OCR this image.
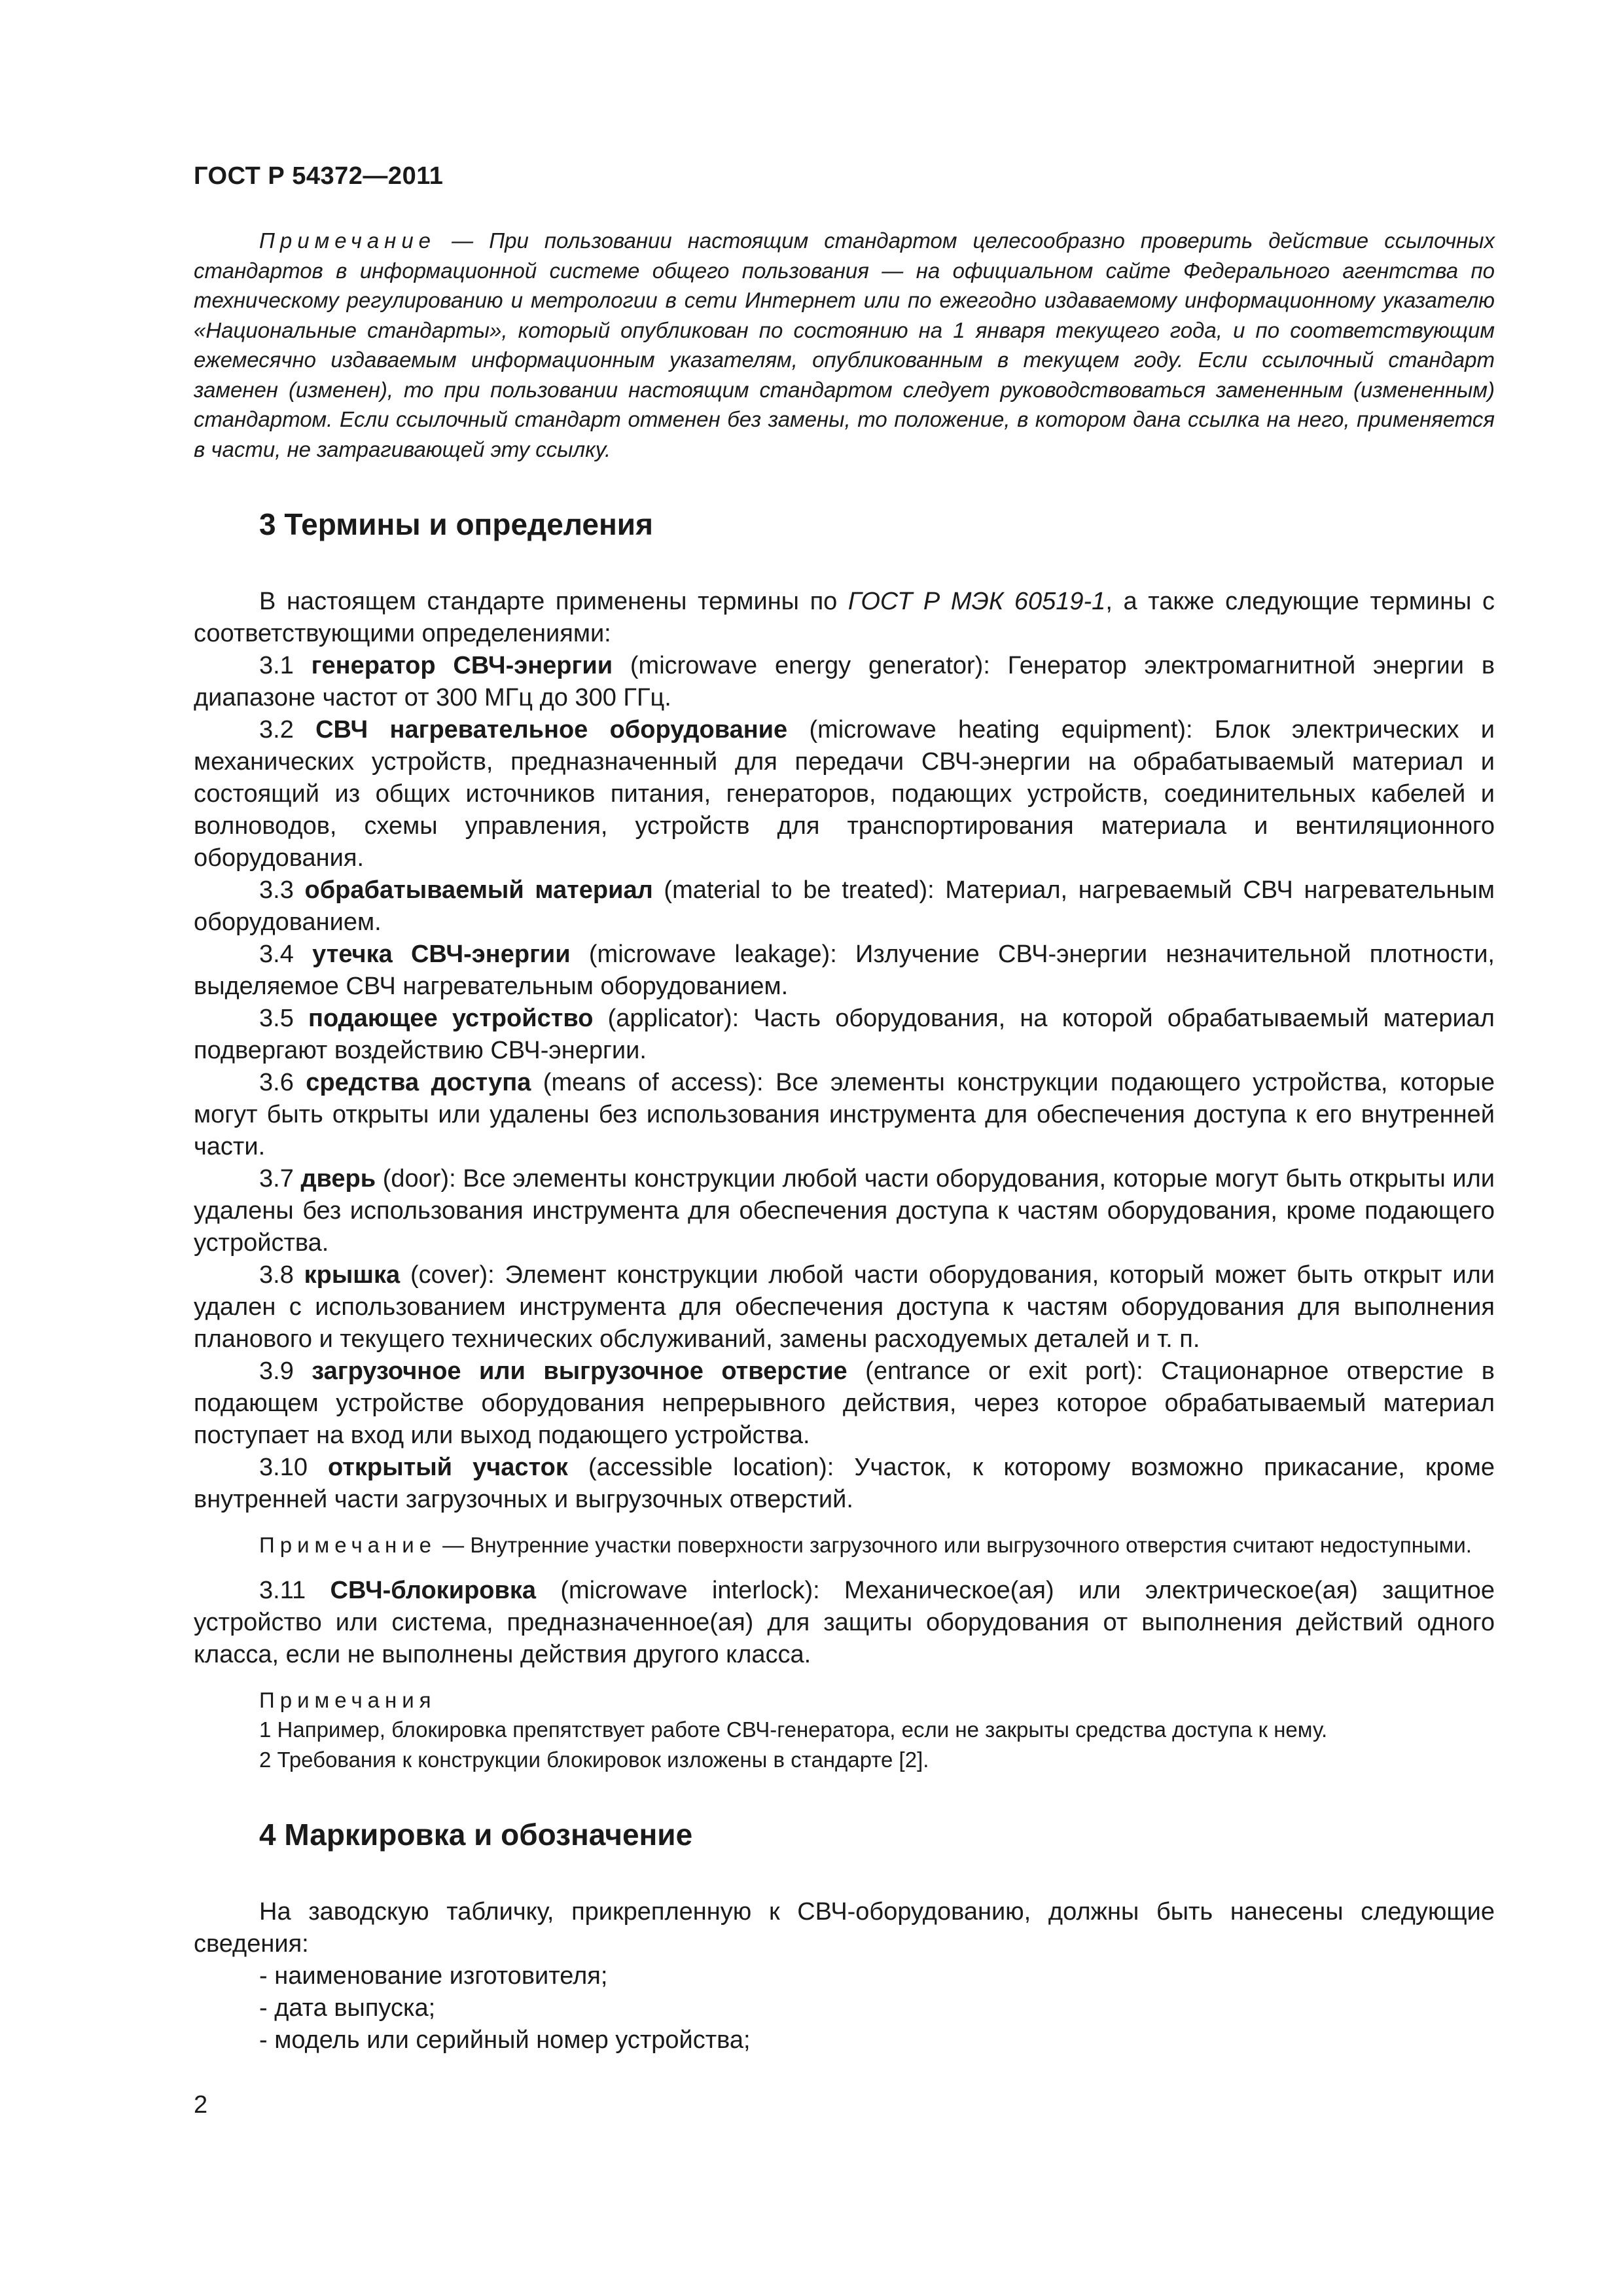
ГОСТ Р 54372—2011

Примечание — При пользовании настоящим стандартом целесообразно проверить действие ссылочных стандартов в информационной системе общего пользования — на официальном сайте Федерального агентства по техническому регулированию и метрологии в сети Интернет или по ежегодно издаваемому информационному указателю «Национальные стандарты», который опубликован по состоянию на 1 января текущего года, и по соответствующим ежемесячно издаваемым информационным указателям, опубликованным в текущем году. Если ссылочный стандарт заменен (изменен), то при пользовании настоящим стандартом следует руководствоваться замененным (измененным) стандартом. Если ссылочный стандарт отменен без замены, то положение, в котором дана ссылка на него, применяется в части, не затрагивающей эту ссылку.

3 Термины и определения

В настоящем стандарте применены термины по ГОСТ Р МЭК 60519-1, а также следующие термины с соответствующими определениями:

3.1 генератор СВЧ-энергии (microwave energy generator): Генератор электромагнитной энергии в диапазоне частот от 300 МГц до 300 ГГц.

3.2 СВЧ нагревательное оборудование (microwave heating equipment): Блок электрических и механических устройств, предназначенный для передачи СВЧ-энергии на обрабатываемый материал и состоящий из общих источников питания, генераторов, подающих устройств, соединительных кабелей и волноводов, схемы управления, устройств для транспортирования материала и вентиляционного оборудования.

3.3 обрабатываемый материал (material to be treated): Материал, нагреваемый СВЧ нагревательным оборудованием.

3.4 утечка СВЧ-энергии (microwave leakage): Излучение СВЧ-энергии незначительной плотности, выделяемое СВЧ нагревательным оборудованием.

3.5 подающее устройство (applicator): Часть оборудования, на которой обрабатываемый материал подвергают воздействию СВЧ-энергии.

3.6 средства доступа (means of access): Все элементы конструкции подающего устройства, которые могут быть открыты или удалены без использования инструмента для обеспечения доступа к его внутренней части.

3.7 дверь (door): Все элементы конструкции любой части оборудования, которые могут быть открыты или удалены без использования инструмента для обеспечения доступа к частям оборудования, кроме подающего устройства.

3.8 крышка (cover): Элемент конструкции любой части оборудования, который может быть открыт или удален с использованием инструмента для обеспечения доступа к частям оборудования для выполнения планового и текущего технических обслуживаний, замены расходуемых деталей и т. п.

3.9 загрузочное или выгрузочное отверстие (entrance or exit port): Стационарное отверстие в подающем устройстве оборудования непрерывного действия, через которое обрабатываемый материал поступает на вход или выход подающего устройства.

3.10 открытый участок (accessible location): Участок, к которому возможно прикасание, кроме внутренней части загрузочных и выгрузочных отверстий.

Примечание — Внутренние участки поверхности загрузочного или выгрузочного отверстия считают недоступными.

3.11 СВЧ-блокировка (microwave interlock): Механическое(ая) или электрическое(ая) защитное устройство или система, предназначенное(ая) для защиты оборудования от выполнения действий одного класса, если не выполнены действия другого класса.

Примечания

1 Например, блокировка препятствует работе СВЧ-генератора, если не закрыты средства доступа к нему.

2 Требования к конструкции блокировок изложены в стандарте [2].

4 Маркировка и обозначение

На заводскую табличку, прикрепленную к СВЧ-оборудованию, должны быть нанесены следующие сведения:

- наименование изготовителя;

- дата выпуска;

- модель или серийный номер устройства;

2
